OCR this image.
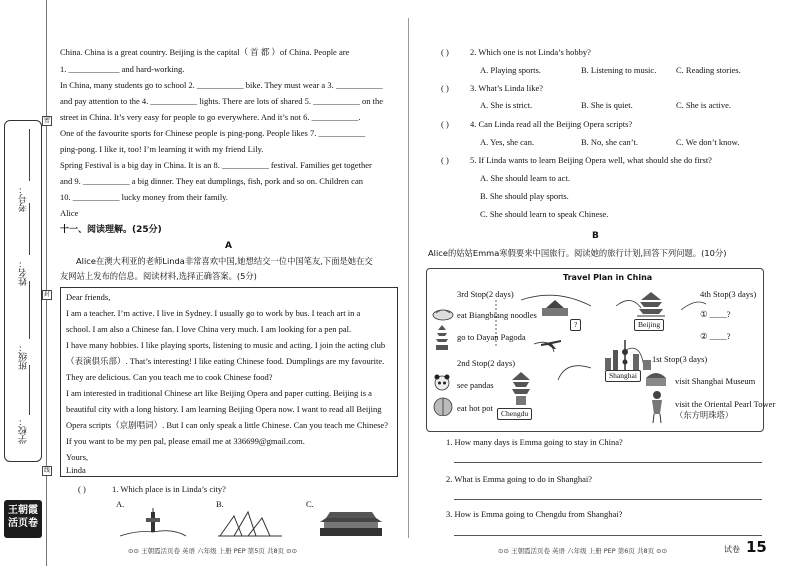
考号：
姓名：
班级：
学校：
密
封
线
王朝霞
活页卷
China. China is a great country. Beijing is the capital（ 首 都 ）of China. People are
1. ____________ and hard-working.
In China, many students go to school 2. ___________ bike. They must wear a 3. ___________
and pay attention to the 4. ___________ lights. There are lots of shared 5. ___________ on the
street in China. It’s very easy for people to go everywhere. And it’s not 6. ___________.
One of the favourite sports for Chinese people is ping-pong. People likes 7. ___________
ping-pong. I like it, too! I’m learning it with my friend Lily.
Spring Festival is a big day in China. It is an 8. ___________ festival. Families get together
and 9. ___________ a big dinner. They eat dumplings, fish, pork and so on. Children can
10. ___________ lucky money from their family.
Alice
十一、阅读理解。(25分)
A
Alice在澳大利亚的老师Linda非常喜欢中国,她想结交一位中国笔友,下面是她在交
友网站上发布的信息。阅读材料,选择正确答案。(5分)
Dear friends,
I am a teacher. I’m active. I live in Sydney. I usually go to work by bus. I teach art in a
school. I am also a Chinese fan. I love China very much. I am looking for a pen pal.
I have many hobbies. I like playing sports, listening to music and acting. I join the acting club
（表演俱乐部）. That’s interesting! I like eating Chinese food. Dumplings are my favourite.
They are delicious. Can you teach me to cook Chinese food?
I am interested in traditional Chinese art like Beijing Opera and paper cutting. Beijing is a
beautiful city with a long history. I am learning Beijing Opera now. I want to read all Beijing
Opera scripts（京剧唱词）. But I can only speak a little Chinese. Can you teach me Chinese?
If you want to be my pen pal, please email me at 336699@gmail.com.
Yours,
Linda
( )	1. Which place is in Linda’s city?
A.	B.	C.
( ) 2. Which one is not Linda’s hobby?
A. Playing sports.	B. Listening to music. C. Reading stories.
( ) 3. What’s Linda like?
A. She is strict.	B. She is quiet.	C. She is active.
( ) 4. Can Linda read all the Beijing Opera scripts?
A. Yes, she can.	B. No, she can’t.	C. We don’t know.
( ) 5. If Linda wants to learn Beijing Opera well, what should she do first?
A. She should learn to act.
B. She should play sports.
C. She should learn to speak Chinese.
B
Alice的姑姑Emma寒假要来中国旅行。阅读她的旅行计划,回答下列问题。(10分)
Travel Plan in China
3rd Stop(2 days)	4th Stop(3 days)
eat Biangbiang noodles
go to Dayan Pagoda
2nd Stop(2 days)	1st Stop(3 days)
see pandas
eat hot pot
① ____?
② ____?
visit Shanghai Museum
visit the Oriental Pearl Tower
（东方明珠塔）
?	Beijing
Shanghai
Chengdu
1. How many days is Emma going to stay in China?
2. What is Emma going to do in Shanghai?
3. How is Emma going to Chengdu from Shanghai?
⊙⊙ 王朝霞活页卷 英语 六年级 上册 PEP 第5页 共8页 ⊙⊙	⊙⊙ 王朝霞活页卷 英语 六年级 上册 PEP 第6页 共8页 ⊙⊙	试卷 15
